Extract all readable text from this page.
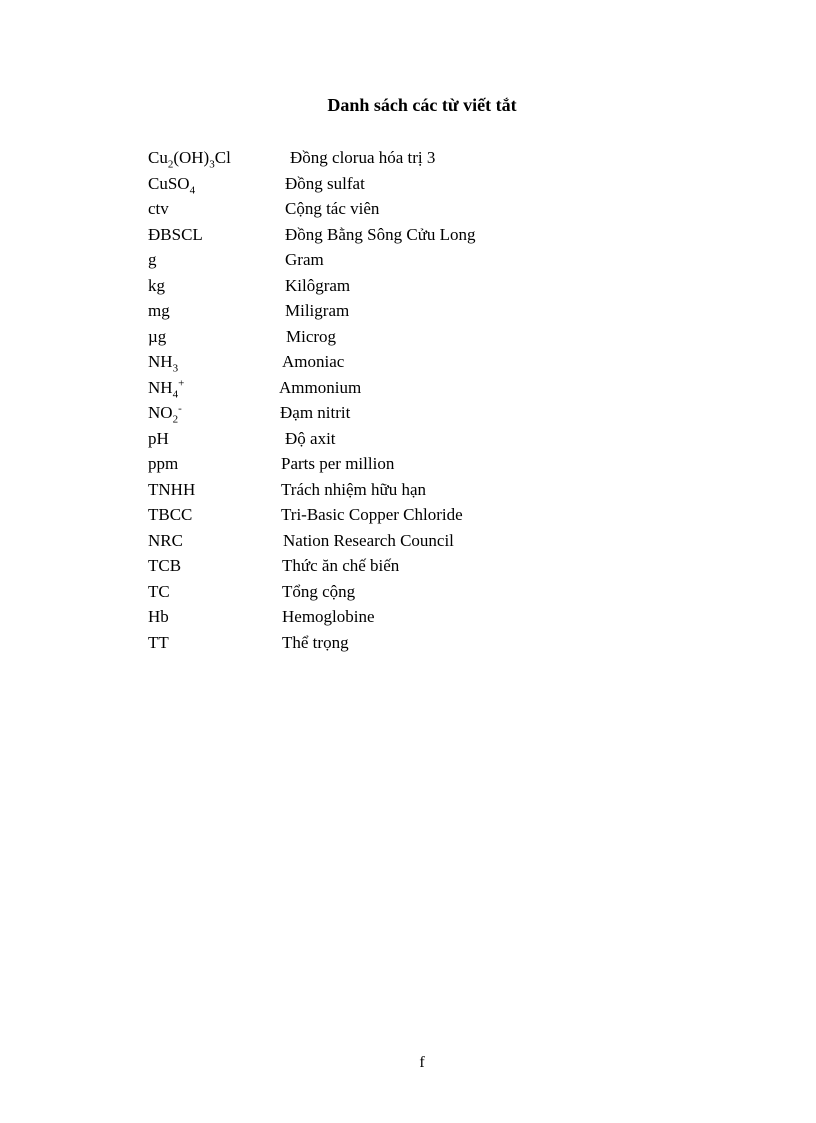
Danh sách các từ viết tắt
$Cu_2(OH)_3Cl$	Đồng clorua hóa trị 3
CuSO$_4$	Đồng sulfat
ctv	Cộng tác viên
ĐBSCL	Đồng Bằng Sông Cửu Long
g	Gram
kg	Kilôgram
mg	Miligram
µg	Microg
$NH_3$	Amoniac
$NH_4^+$	Ammonium
$NO_2^-$	Đạm nitrit
pH	Độ axit
ppm	Parts per million
TNHH	Trách nhiệm hữu hạn
TBCC	Tri-Basic Copper Chloride
NRC	Nation Research Council
TCB	Thức ăn chế biến
TC	Tổng cộng
Hb	Hemoglobine
TT	Thể trọng
f
